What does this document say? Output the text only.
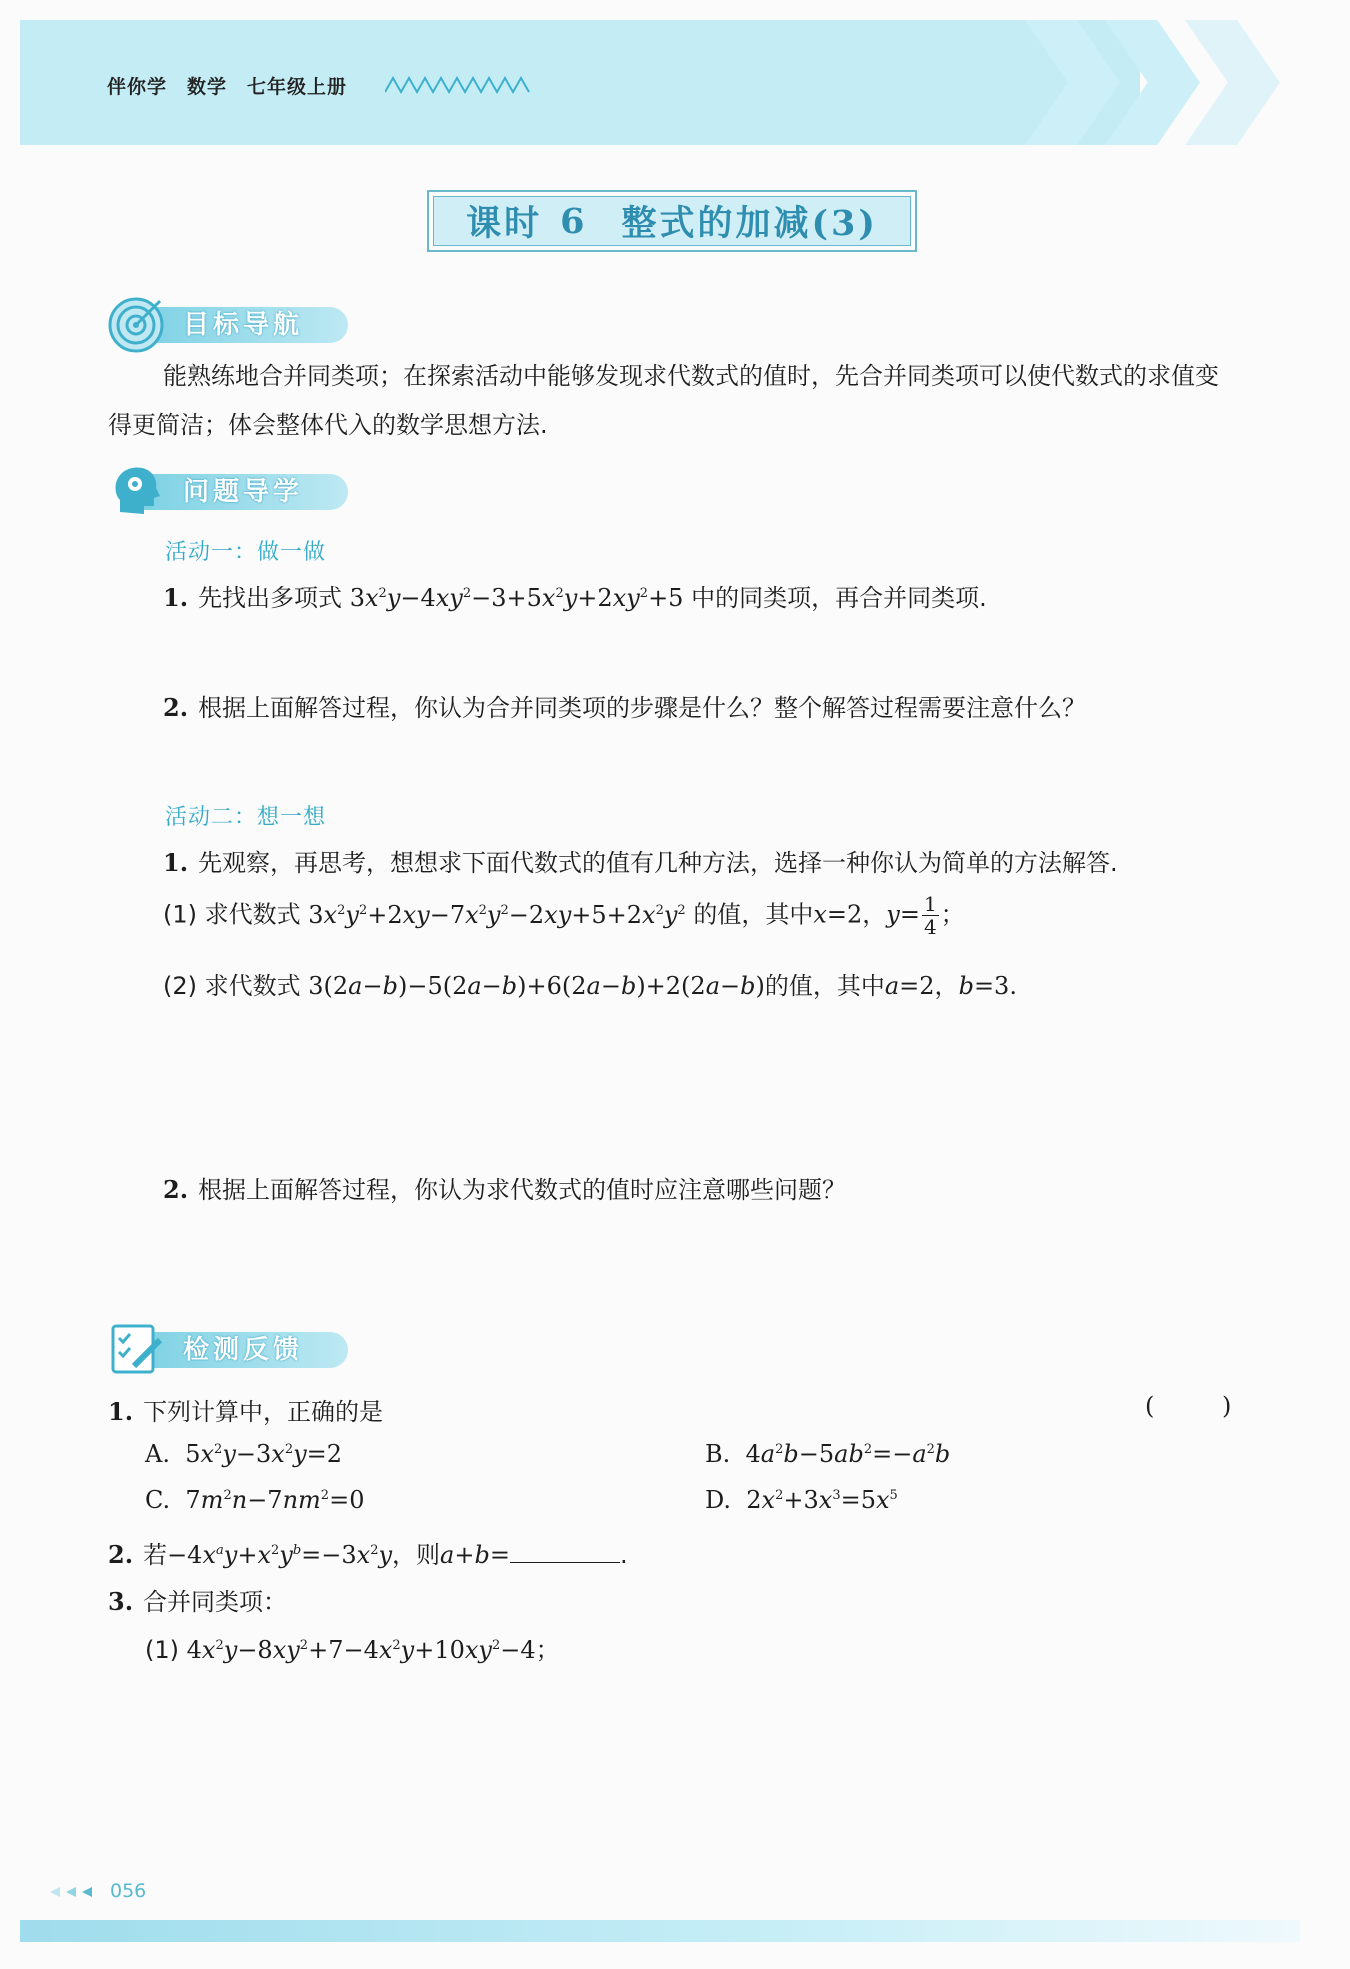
伴你学 数学 七年级上册
课时 6 整式的加减(3)
目标导航
能熟练地合并同类项；在探索活动中能够发现求代数式的值时，先合并同类项可以使代数式的求值变得更简洁；体会整体代入的数学思想方法.
问题导学
活动一：做一做
1. 先找出多项式 $3x^2y-4xy^2-3+5x^2y+2xy^2+5$ 中的同类项，再合并同类项.
2. 根据上面解答过程，你认为合并同类项的步骤是什么？整个解答过程需要注意什么？
活动二：想一想
1. 先观察，再思考，想想求下面代数式的值有几种方法，选择一种你认为简单的方法解答.
(1) 求代数式 $3x^2y^2+2xy-7x^2y^2-2xy+5+2x^2y^2$ 的值，其中x=2，$y= \frac{1}{4}$ ；
(2) 求代数式 3(2a−b)−5(2a−b)+6(2a−b)+2(2a−b)的值，其中a=2，b=3.
2. 根据上面解答过程，你认为求代数式的值时应注意哪些问题？
检测反馈
1. 下列计算中，正确的是	( )
A.  $5x^2y-3x^2y=2$	B.  $4a^2b-5ab^2=-a^2b$
C.  $7m^2n-7nm^2=0$	D.  $2x^2+3x^3=5x^5$
2. 若$-4x^ay+x^2y^b=-3x^2y$，则a+b=	.
3. 合并同类项：
(1) $4x^2y-8xy^2+7-4x^2y+10xy^2-4$；
056
